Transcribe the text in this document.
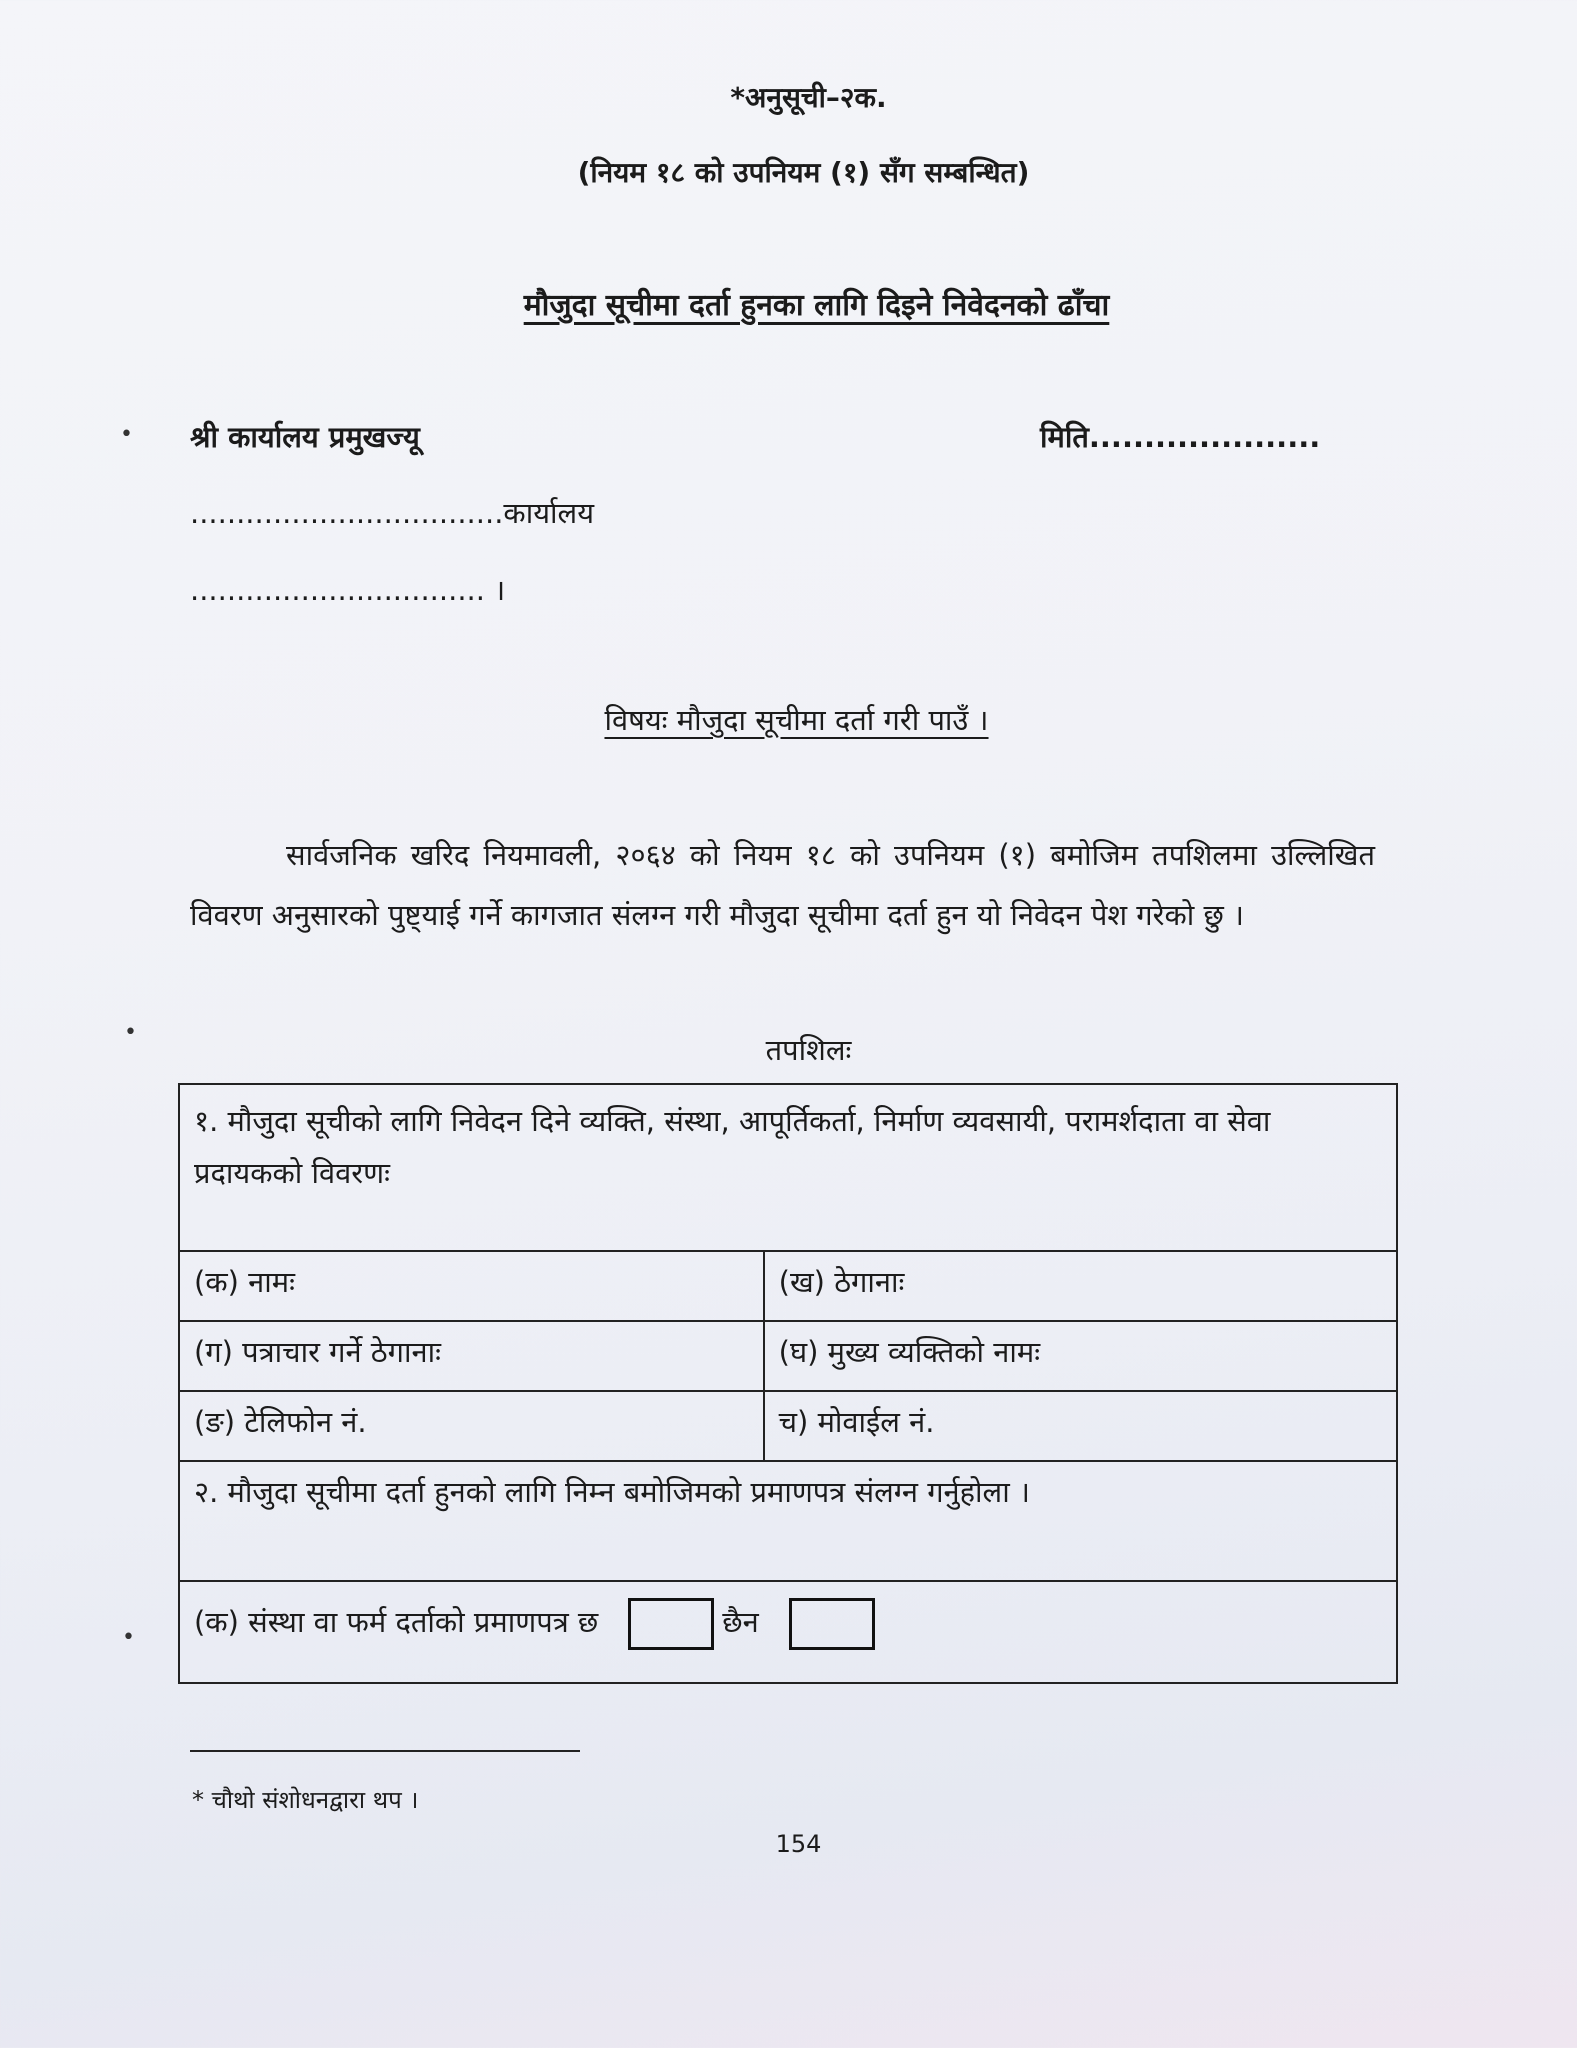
*अनुसूची–२क.
(नियम १८ को उपनियम (१) सँग सम्बन्धित)
मौजुदा सूचीमा दर्ता हुनका लागि दिइने निवेदनको ढाँचा
• श्री कार्यालय प्रमुखज्यू	मिति.....................
..................................कार्यालय
................................ ।
विषयः मौजुदा सूचीमा दर्ता गरी पाउँ ।
सार्वजनिक खरिद नियमावली, २०६४ को नियम १८ को उपनियम (१) बमोजिम तपशिलमा उल्लिखित विवरण अनुसारको पुष्ट्याई गर्ने कागजात संलग्न गरी मौजुदा सूचीमा दर्ता हुन यो निवेदन पेश गरेको छु ।
•
तपशिलः
१. मौजुदा सूचीको लागि निवेदन दिने व्यक्ति, संस्था, आपूर्तिकर्ता, निर्माण व्यवसायी, परामर्शदाता वा सेवा प्रदायकको विवरणः	
(क) नामः	(ख) ठेगानाः
(ग) पत्राचार गर्ने ठेगानाः	(घ) मुख्य व्यक्तिको नामः
(ङ) टेलिफोन नं.	च) मोवाईल नं.
२. मौजुदा सूचीमा दर्ता हुनको लागि निम्न बमोजिमको प्रमाणपत्र संलग्न गर्नुहोला ।	
(क) संस्था वा फर्म दर्ताको प्रमाणपत्र छ छैन	
•
* चौथो संशोधनद्वारा थप ।
154
